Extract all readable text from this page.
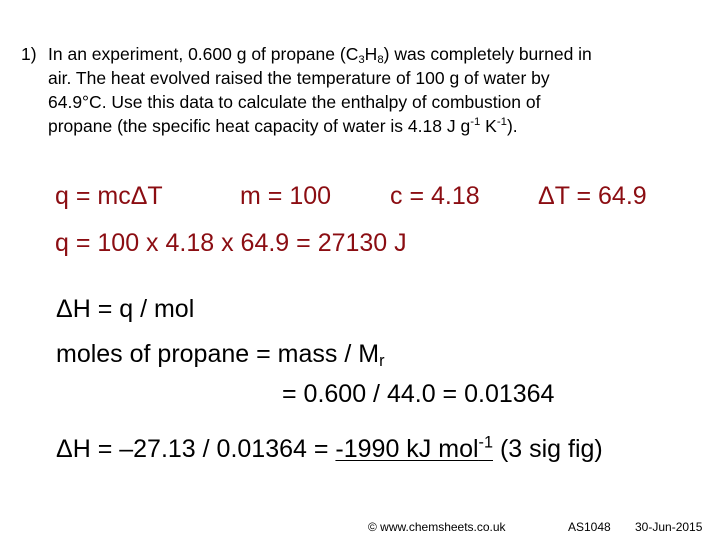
1) In an experiment, 0.600 g of propane $(C_3H_8)$ was completely burned in
air. The heat evolved raised the temperature of 100 g of water by
64.9°C. Use this data to calculate the enthalpy of combustion of
propane (the specific heat capacity of water is 4.18 J $g^{-1}$ $K^{-1}$).
q = mcΔT	m = 100 c = 4.18 ΔT = 64.9
q = 100 x 4.18 x 64.9 = 27130 J
ΔH = q / mol
moles of propane = mass / $M_r$
= 0.600 / 44.0 = 0.01364
ΔH = –27.13 / 0.01364 = -1990 kJ mol$^{-1}$ (3 sig fig)
© www.chemsheets.co.uk	AS1048 30-Jun-2015
